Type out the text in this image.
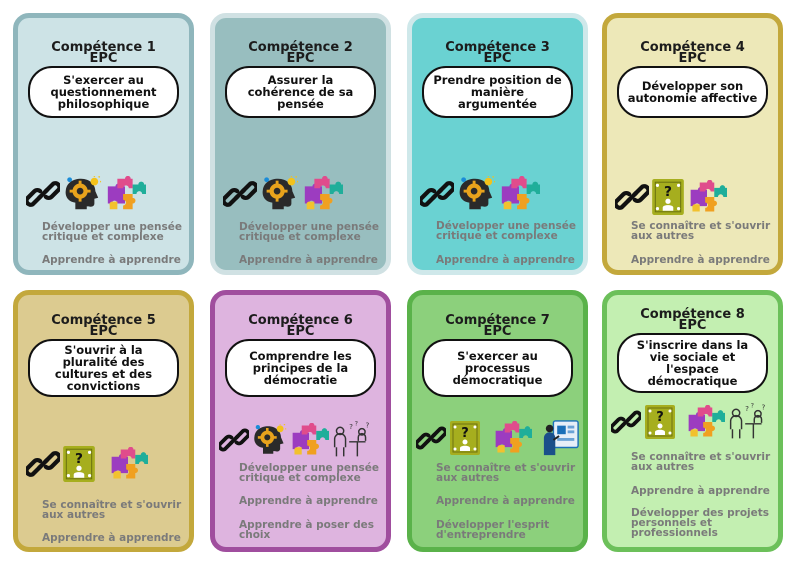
Compétence 1
EPC
S'exercer au questionnement philosophique
Développer une pensée critique et complexe
Apprendre à apprendre
Compétence 2
EPC
Assurer la cohérence de sa pensée
Développer une pensée critique et complexe
Apprendre à apprendre
Compétence 3
EPC
Prendre position de manière argumentée
Développer une pensée critique et complexe
Apprendre à apprendre
Compétence 4
EPC
Développer son autonomie affective
Se connaître et s'ouvrir aux autres
Apprendre à apprendre
Compétence 5
EPC
S'ouvrir à la pluralité des cultures et des convictions
Se connaître et s'ouvrir aux autres
Apprendre à apprendre
Compétence 6
EPC
Comprendre les principes de la démocratie
Développer une pensée critique et complexe
Apprendre à apprendre
Apprendre à poser des choix
Compétence 7
EPC
S'exercer au processus démocratique
Se connaître et s'ouvrir aux autres
Apprendre à apprendre
Développer l'esprit d'entreprendre
Compétence 8
EPC
S'inscrire dans la vie sociale et l'espace démocratique
Se connaître et s'ouvrir aux autres
Apprendre à apprendre
Développer des projets personnels et professionnels
